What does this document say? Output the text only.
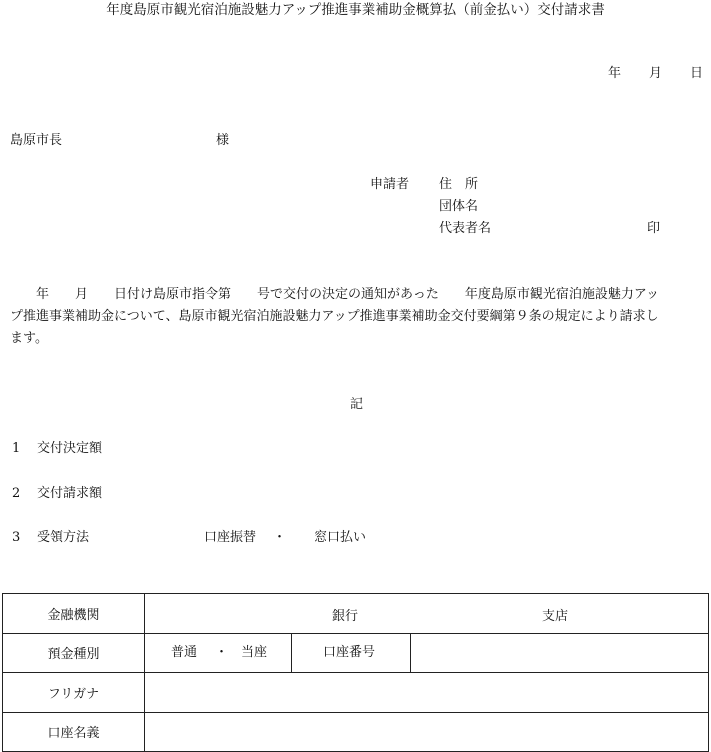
年度島原市観光宿泊施設魅力アップ推進事業補助金概算払（前金払い）交付請求書
年 月 日
島原市長	様
申請者 住　所
団体名
代表者名	印
年　　月　　日付け島原市指令第　　号で交付の決定の通知があった　　年度島原市観光宿泊施設魅力アッ
プ推進事業補助金について、島原市観光宿泊施設魅力アップ推進事業補助金交付要綱第９条の規定により請求し
ます。
記
1 交付決定額
2 交付請求額
3 受領方法	口座振替 ・ 窓口払い
金融機関	銀行 支店

預金種別	普通 ・ 当座 口座番号

フリガナ	
口座名義	
